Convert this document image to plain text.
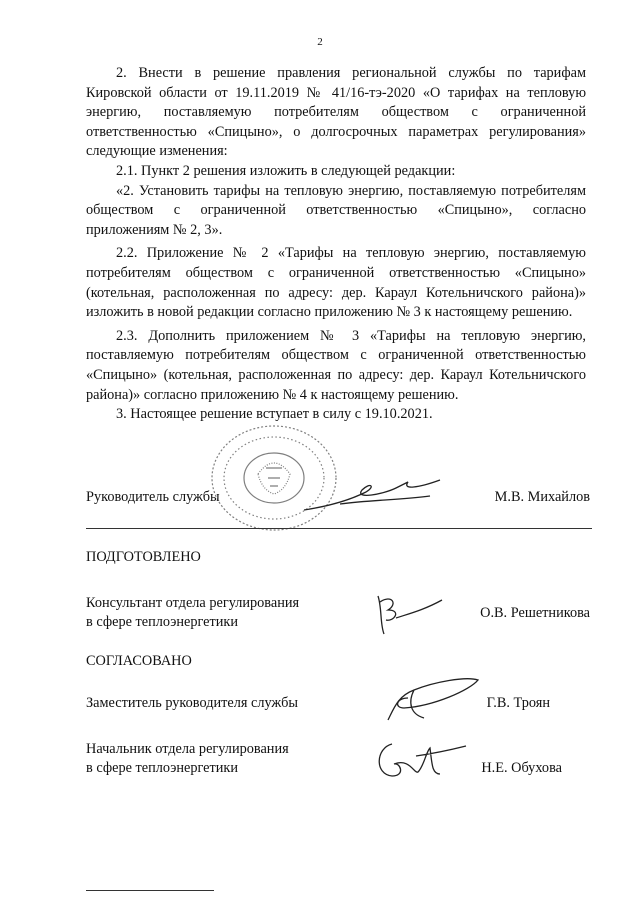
2

2. Внести в решение правления региональной службы по тарифам Кировской области от 19.11.2019 № 41/16-тэ-2020 «О тарифах на тепловую энергию, поставляемую потребителям обществом с ограниченной ответственностью «Спицыно», о долгосрочных параметрах регулирования» следующие изменения:

2.1. Пункт 2 решения изложить в следующей редакции:

«2. Установить тарифы на тепловую энергию, поставляемую потребителям обществом с ограниченной ответственностью «Спицыно», согласно приложениям № 2, 3».

2.2. Приложение № 2 «Тарифы на тепловую энергию, поставляемую потребителям обществом с ограниченной ответственностью «Спицыно» (котельная, расположенная по адресу: дер. Караул Котельничского района)» изложить в новой редакции согласно приложению № 3 к настоящему решению.

2.3. Дополнить приложением № 3 «Тарифы на тепловую энергию, поставляемую потребителям обществом с ограниченной ответственностью «Спицыно» (котельная, расположенная по адресу: дер. Караул Котельничского района)» согласно приложению № 4 к настоящему решению.

3. Настоящее решение вступает в силу с 19.10.2021.

Руководитель службы	М.В. Михайлов
ПОДГОТОВЛЕНО
Консультант отдела регулирования
в сфере теплоэнергетики
О.В. Решетникова
СОГЛАСОВАНО
Заместитель руководителя службы	Г.В. Троян
Начальник отдела регулирования
в сфере теплоэнергетики	Н.Е. Обухова
